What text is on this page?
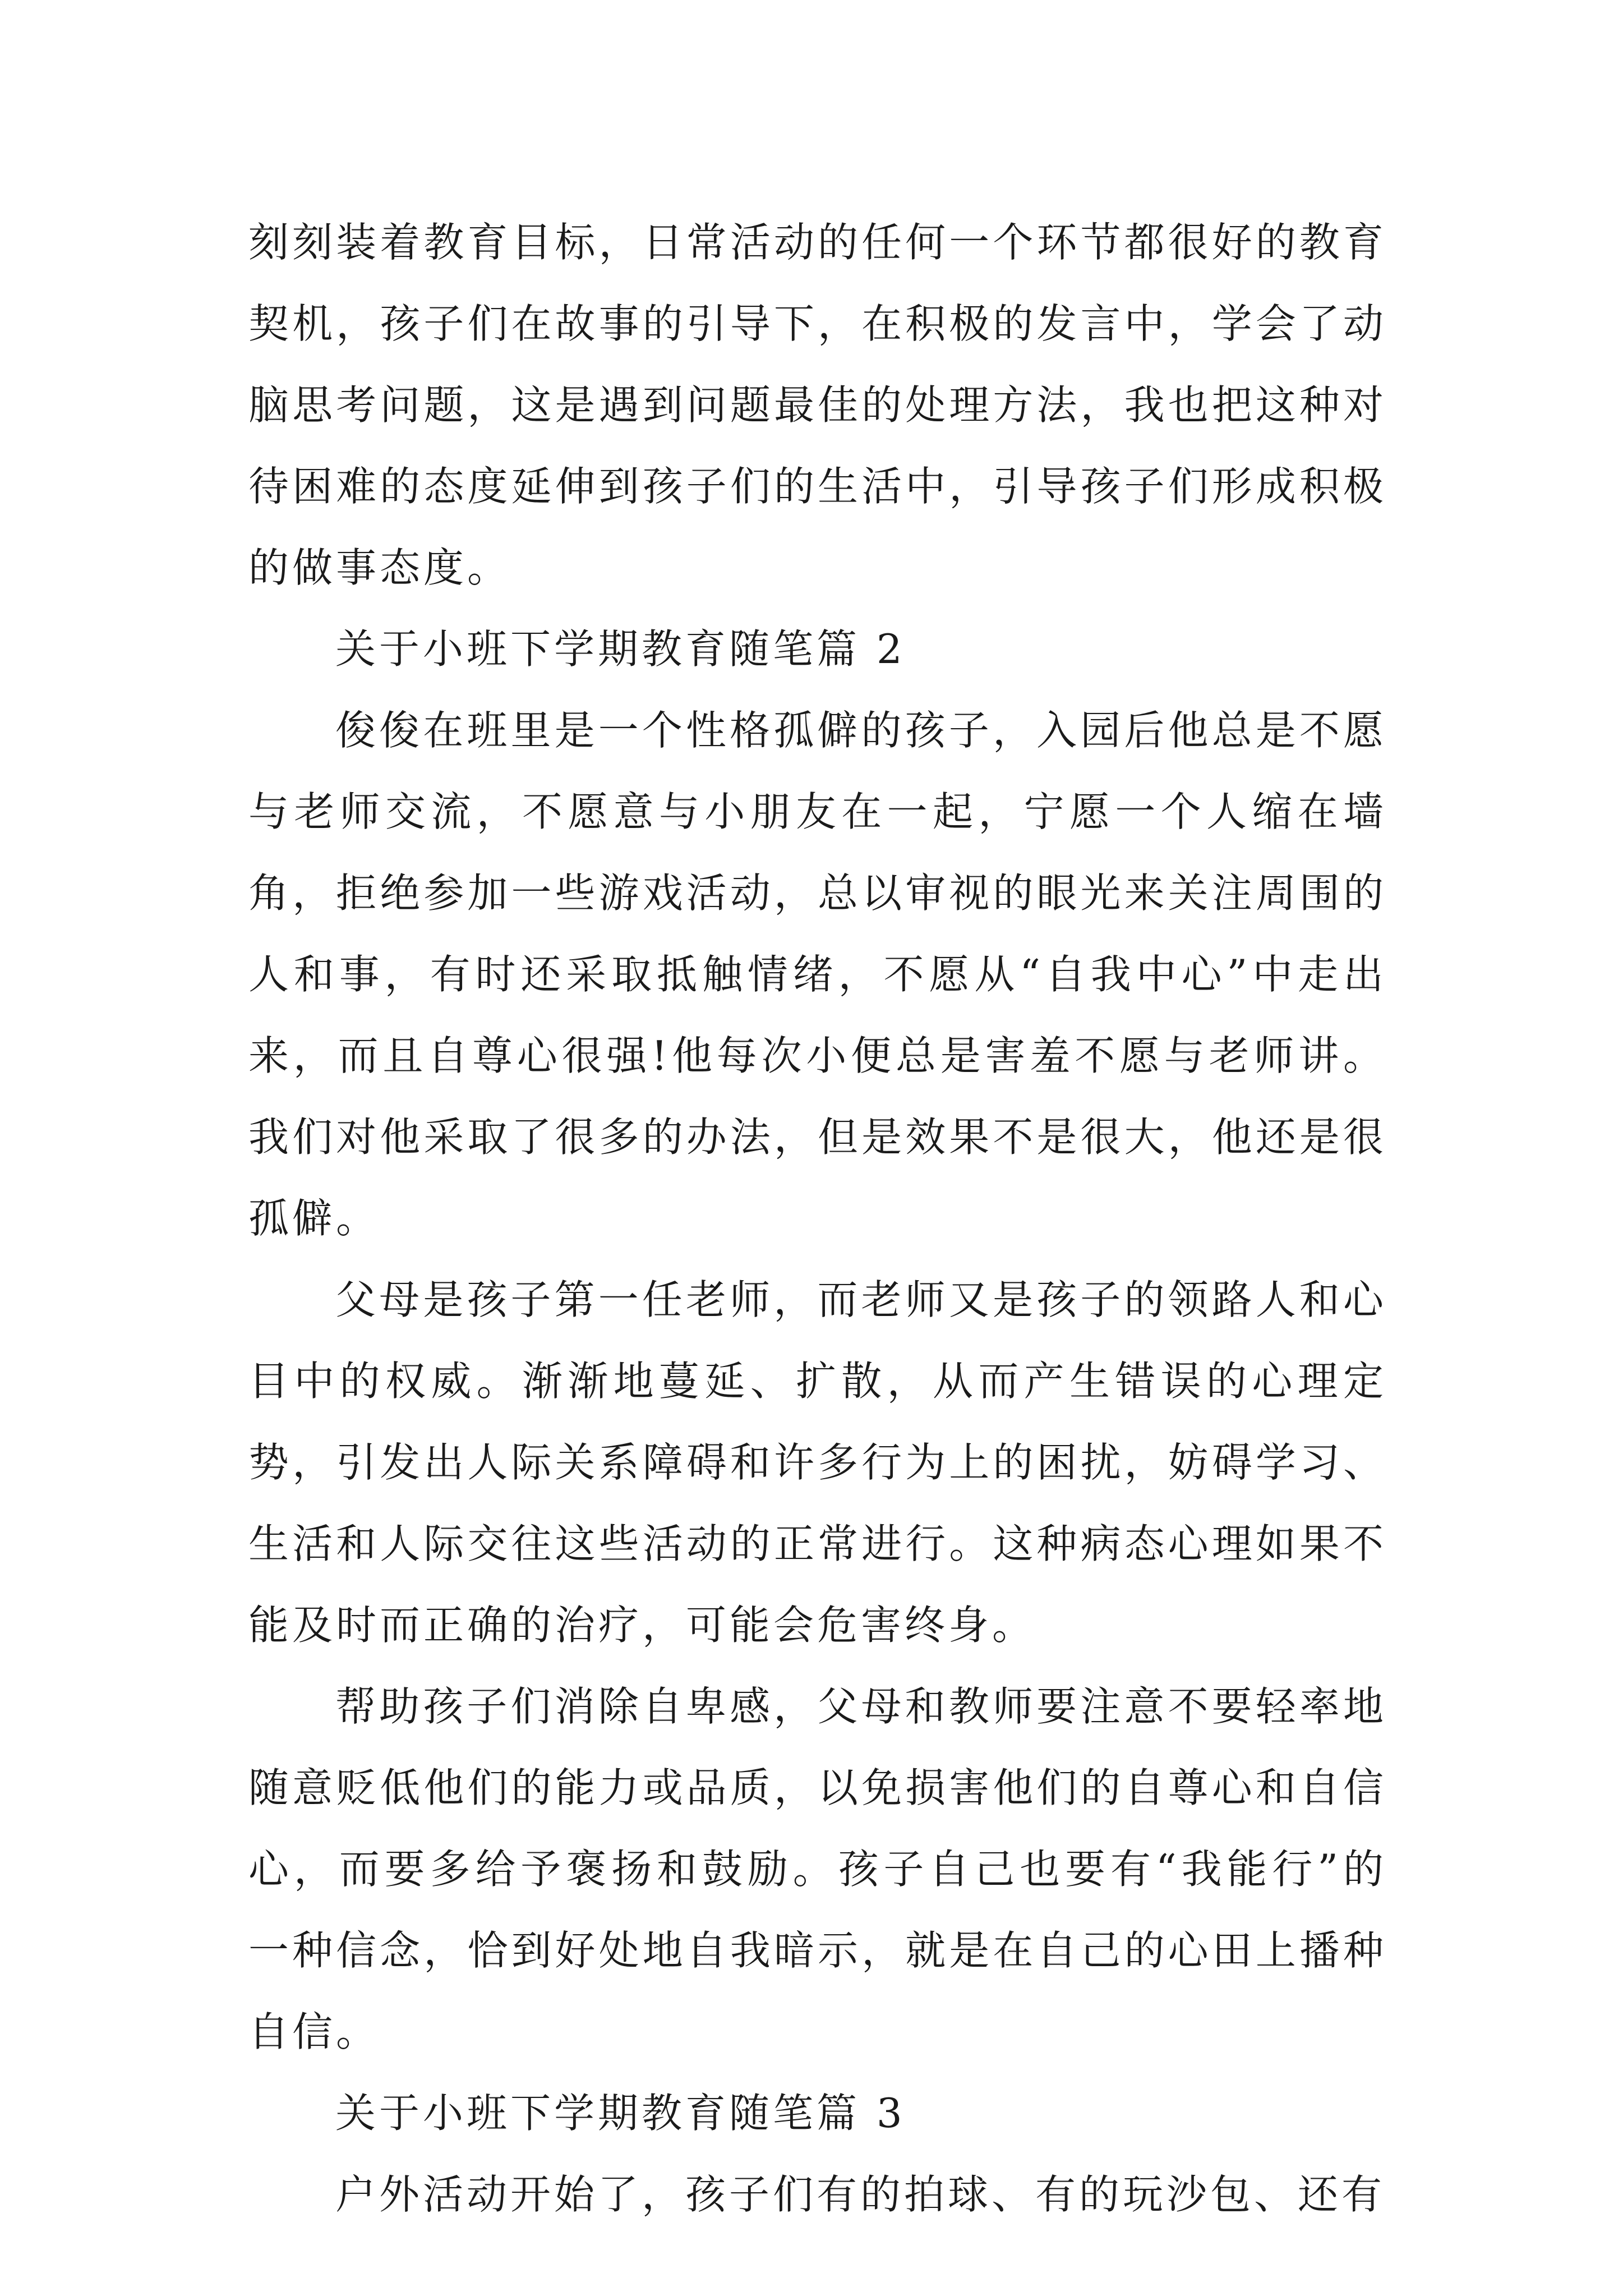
刻刻装着教育目标，日常活动的任何一个环节都很好的教育契机，孩子们在故事的引导下，在积极的发言中，学会了动脑思考问题，这是遇到问题最佳的处理方法，我也把这种对待困难的态度延伸到孩子们的生活中，引导孩子们形成积极的做事态度。

关于小班下学期教育随笔篇 2

俊俊在班里是一个性格孤僻的孩子，入园后他总是不愿与老师交流，不愿意与小朋友在一起，宁愿一个人缩在墙角，拒绝参加一些游戏活动，总以审视的眼光来关注周围的人和事，有时还采取抵触情绪，不愿从“自我中心”中走出来，而且自尊心很强!他每次小便总是害羞不愿与老师讲。我们对他采取了很多的办法，但是效果不是很大，他还是很孤僻。

父母是孩子第一任老师，而老师又是孩子的领路人和心目中的权威。渐渐地蔓延、扩散，从而产生错误的心理定势，引发出人际关系障碍和许多行为上的困扰，妨碍学习、生活和人际交往这些活动的正常进行。这种病态心理如果不能及时而正确的治疗，可能会危害终身。

帮助孩子们消除自卑感，父母和教师要注意不要轻率地随意贬低他们的能力或品质，以免损害他们的自尊心和自信心，而要多给予褒扬和鼓励。孩子自己也要有“我能行”的一种信念，恰到好处地自我暗示，就是在自己的心田上播种自信。

关于小班下学期教育随笔篇 3

户外活动开始了，孩子们有的拍球、有的玩沙包、还有
